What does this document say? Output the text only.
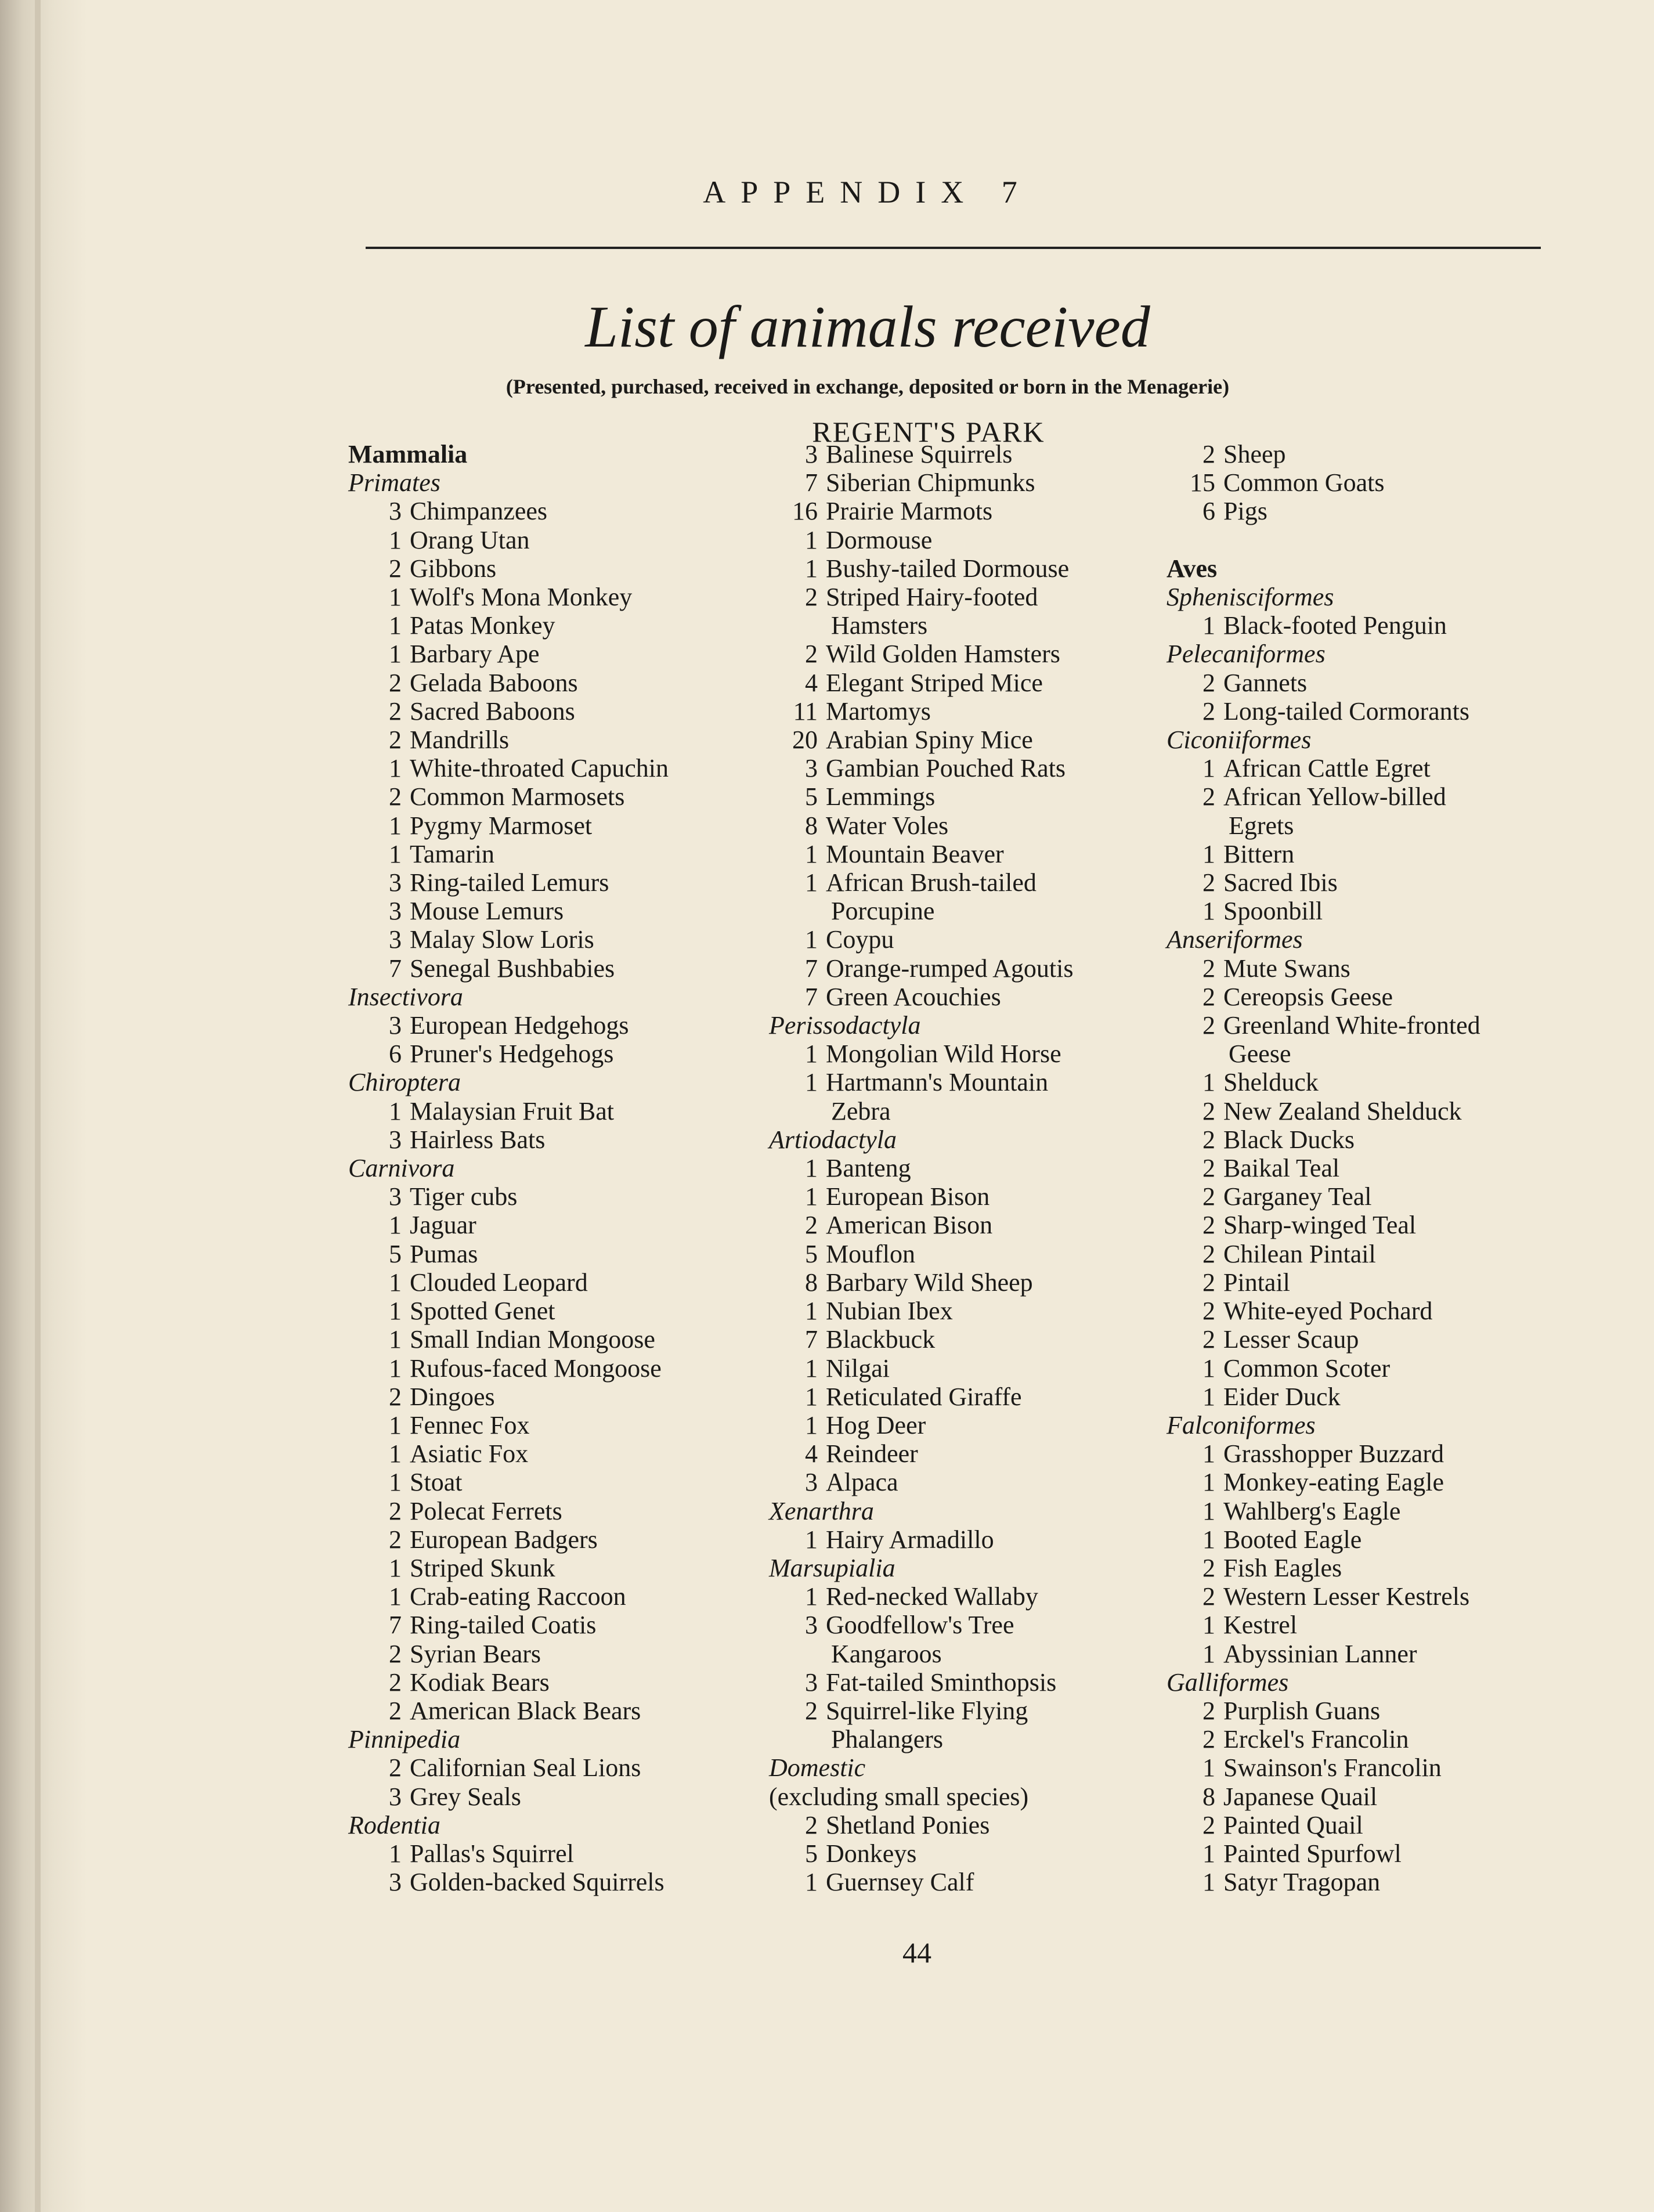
APPENDIX 7
List of animals received
(Presented, purchased, received in exchange, deposited or born in the Menagerie)
REGENT'S PARK
Mammalia
Primates
3 Chimpanzees
1 Orang Utan
2 Gibbons
1 Wolf's Mona Monkey
1 Patas Monkey
1 Barbary Ape
2 Gelada Baboons
2 Sacred Baboons
2 Mandrills
1 White-throated Capuchin
2 Common Marmosets
1 Pygmy Marmoset
1 Tamarin
3 Ring-tailed Lemurs
3 Mouse Lemurs
3 Malay Slow Loris
7 Senegal Bushbabies
Insectivora
3 European Hedgehogs
6 Pruner's Hedgehogs
Chiroptera
1 Malaysian Fruit Bat
3 Hairless Bats
Carnivora
3 Tiger cubs
1 Jaguar
5 Pumas
1 Clouded Leopard
1 Spotted Genet
1 Small Indian Mongoose
1 Rufous-faced Mongoose
2 Dingoes
1 Fennec Fox
1 Asiatic Fox
1 Stoat
2 Polecat Ferrets
2 European Badgers
1 Striped Skunk
1 Crab-eating Raccoon
7 Ring-tailed Coatis
2 Syrian Bears
2 Kodiak Bears
2 American Black Bears
Pinnipedia
2 Californian Seal Lions
3 Grey Seals
Rodentia
1 Pallas's Squirrel
3 Golden-backed Squirrels
3 Balinese Squirrels
7 Siberian Chipmunks
16 Prairie Marmots
1 Dormouse
1 Bushy-tailed Dormouse
2 Striped Hairy-footed
Hamsters
2 Wild Golden Hamsters
4 Elegant Striped Mice
11 Martomys
20 Arabian Spiny Mice
3 Gambian Pouched Rats
5 Lemmings
8 Water Voles
1 Mountain Beaver
1 African Brush-tailed
Porcupine
1 Coypu
7 Orange-rumped Agoutis
7 Green Acouchies
Perissodactyla
1 Mongolian Wild Horse
1 Hartmann's Mountain
Zebra
Artiodactyla
1 Banteng
1 European Bison
2 American Bison
5 Mouflon
8 Barbary Wild Sheep
1 Nubian Ibex
7 Blackbuck
1 Nilgai
1 Reticulated Giraffe
1 Hog Deer
4 Reindeer
3 Alpaca
Xenarthra
1 Hairy Armadillo
Marsupialia
1 Red-necked Wallaby
3 Goodfellow's Tree
Kangaroos
3 Fat-tailed Sminthopsis
2 Squirrel-like Flying
Phalangers
Domestic
(excluding small species)
2 Shetland Ponies
5 Donkeys
1 Guernsey Calf
2 Sheep
15 Common Goats
6 Pigs

Aves
Sphenisciformes
1 Black-footed Penguin
Pelecaniformes
2 Gannets
2 Long-tailed Cormorants
Ciconiiformes
1 African Cattle Egret
2 African Yellow-billed
Egrets
1 Bittern
2 Sacred Ibis
1 Spoonbill
Anseriformes
2 Mute Swans
2 Cereopsis Geese
2 Greenland White-fronted
Geese
1 Shelduck
2 New Zealand Shelduck
2 Black Ducks
2 Baikal Teal
2 Garganey Teal
2 Sharp-winged Teal
2 Chilean Pintail
2 Pintail
2 White-eyed Pochard
2 Lesser Scaup
1 Common Scoter
1 Eider Duck
Falconiformes
1 Grasshopper Buzzard
1 Monkey-eating Eagle
1 Wahlberg's Eagle
1 Booted Eagle
2 Fish Eagles
2 Western Lesser Kestrels
1 Kestrel
1 Abyssinian Lanner
Galliformes
2 Purplish Guans
2 Erckel's Francolin
1 Swainson's Francolin
8 Japanese Quail
2 Painted Quail
1 Painted Spurfowl
1 Satyr Tragopan
44
